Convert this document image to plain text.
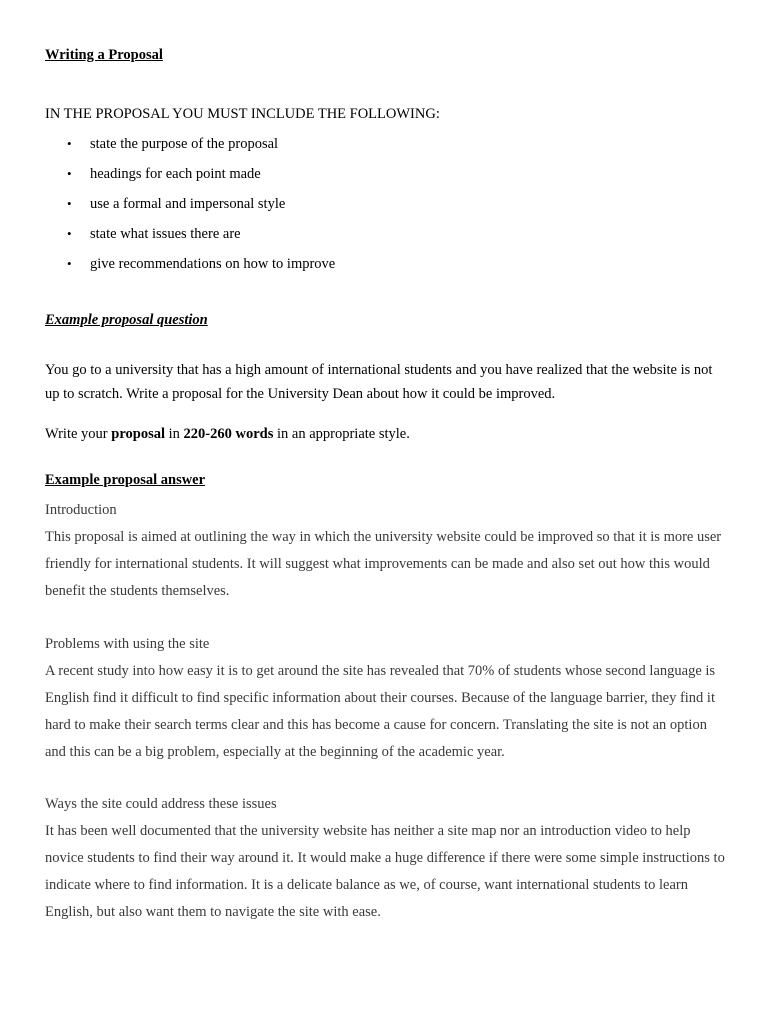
Writing a Proposal
IN THE PROPOSAL YOU MUST INCLUDE THE FOLLOWING:
• state the purpose of the proposal
• headings for each point made
• use a formal and impersonal style
• state what issues there are
• give recommendations on how to improve
Example proposal question

You go to a university that has a high amount of international students and you have realized that the website is not up to scratch. Write a proposal for the University Dean about how it could be improved.

Write your proposal in 220-260 words in an appropriate style.

Example proposal answer

Introduction

This proposal is aimed at outlining the way in which the university website could be improved so that it is more user friendly for international students. It will suggest what improvements can be made and also set out how this would benefit the students themselves.

Problems with using the site

A recent study into how easy it is to get around the site has revealed that 70% of students whose second language is English find it difficult to find specific information about their courses. Because of the language barrier, they find it hard to make their search terms clear and this has become a cause for concern. Translating the site is not an option and this can be a big problem, especially at the beginning of the academic year.

Ways the site could address these issues

It has been well documented that the university website has neither a site map nor an introduction video to help novice students to find their way around it. It would make a huge difference if there were some simple instructions to indicate where to find information. It is a delicate balance as we, of course, want international students to learn English, but also want them to navigate the site with ease.
